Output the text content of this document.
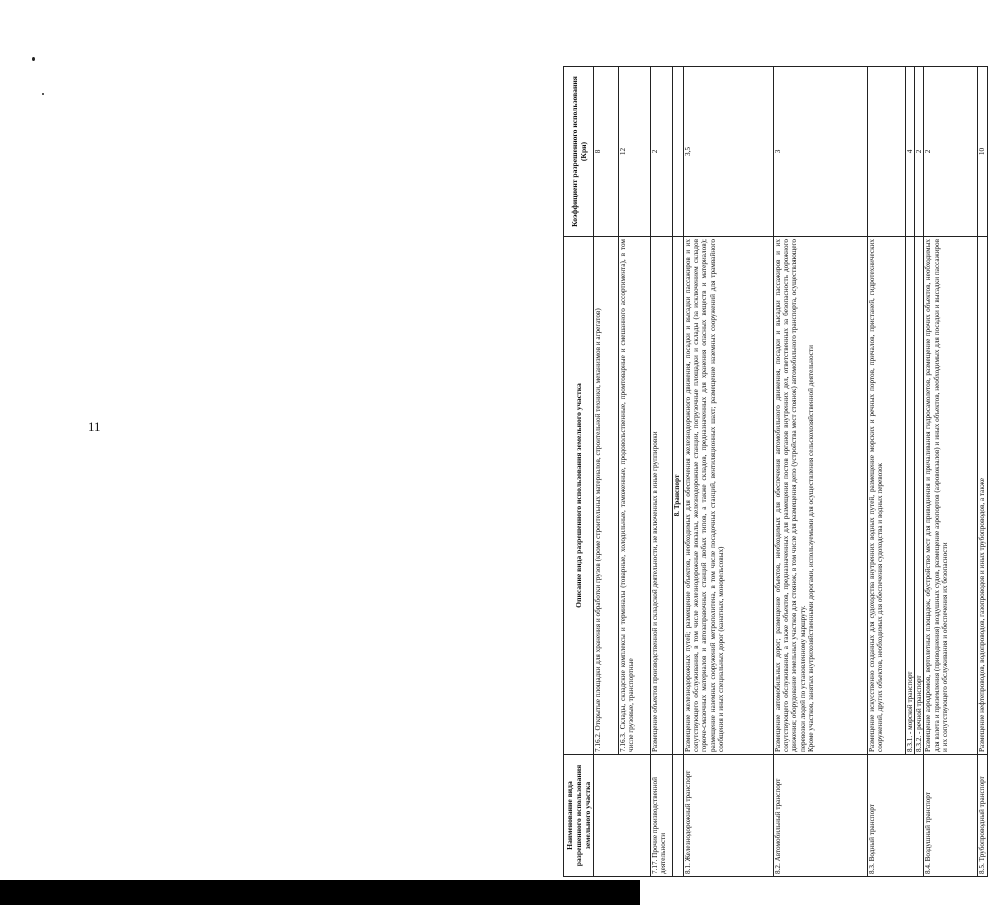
11
Наименование вида разрешенного использования земельного участка	Описание вида разрешенного использования земельного участка	Коэффициент разрешенного использования (Крн)
	7.16.2. Открытые площадки для хранения и обработки грузов (кроме строительных материалов, строительной техники, механизмов и агрегатов)	8
	7.16.3. Склады, складские комплексы и терминалы (товарные, холодильные, таможенные, продовольственные, промтоварные и смешанного ассортимента), в том числе грузовые, транспортные	12
7.17. Прочие производственной деятельности	Размещение объектов производственной и складской деятельности, не включенных в иные группировки	2
	8. Транспорт	
8.1. Железнодорожный транспорт	Размещение железнодорожных путей; размещение объектов, необходимых для обеспечения железнодорожного движения, посадки и высадки пассажиров и их сопутствующего обслуживания, в том числе железнодорожные вокзалы, железнодорожные станции, погрузочные площадки и склады (за исключением складов горюче-смазочных материалов и автозаправочных станций любых типов, а также складов, предназначенных для хранения опасных веществ и материалов); размещение наземных сооружений метрополитена, в том числе посадочных станций, вентиляционных шахт; размещение наземных сооружений для трамвайного сообщения и иных специальных дорог (канатных, монорельсовых)	3,5
8.2. Автомобильный транспорт	Размещение автомобильных дорог; размещение объектов, необходимых для обеспечения автомобильного движения, посадки и высадки пассажиров и их сопутствующего обслуживания, а также объектов, предназначенных для размещения постов органов внутренних дел, ответственных за безопасность дорожного движения; оборудование земельных участков для стоянок, в том числе для размещения депо (устройства мест стоянок) автомобильного транспорта, осуществляющего перевозки людей по установленному маршруту. Кроме участков, занятых внутрихозяйственными дорогами, используемыми для осуществления сельскохозяйственной деятельности	3
8.3. Водный транспорт	Размещение искусственно созданных для судоходства внутренних водных путей, размещение морских и речных портов, причалов, пристаней, гидротехнических сооружений, других объектов, необходимых для обеспечения судоходства и водных перевозок	
	8.3.1. - морской транспорт	4
	8.3.2. - речной транспорт	2
8.4. Воздушный транспорт	Размещение аэродромов, вертолетных площадок, обустройство мест для приводнения и причаливания гидросамолетов, размещение прочих объектов, необходимых для взлета и приземления (приводнения) воздушных судов, размещение аэропортов (аэровокзалов) и иных объектов, необходимых для посадки и высадки пассажиров и их сопутствующего обслуживания и обеспечения их безопасности	2
8.5. Трубопроводный транспорт	Размещение нефтепроводов, водопроводов, газопроводов и иных трубопроводов, а также	10
